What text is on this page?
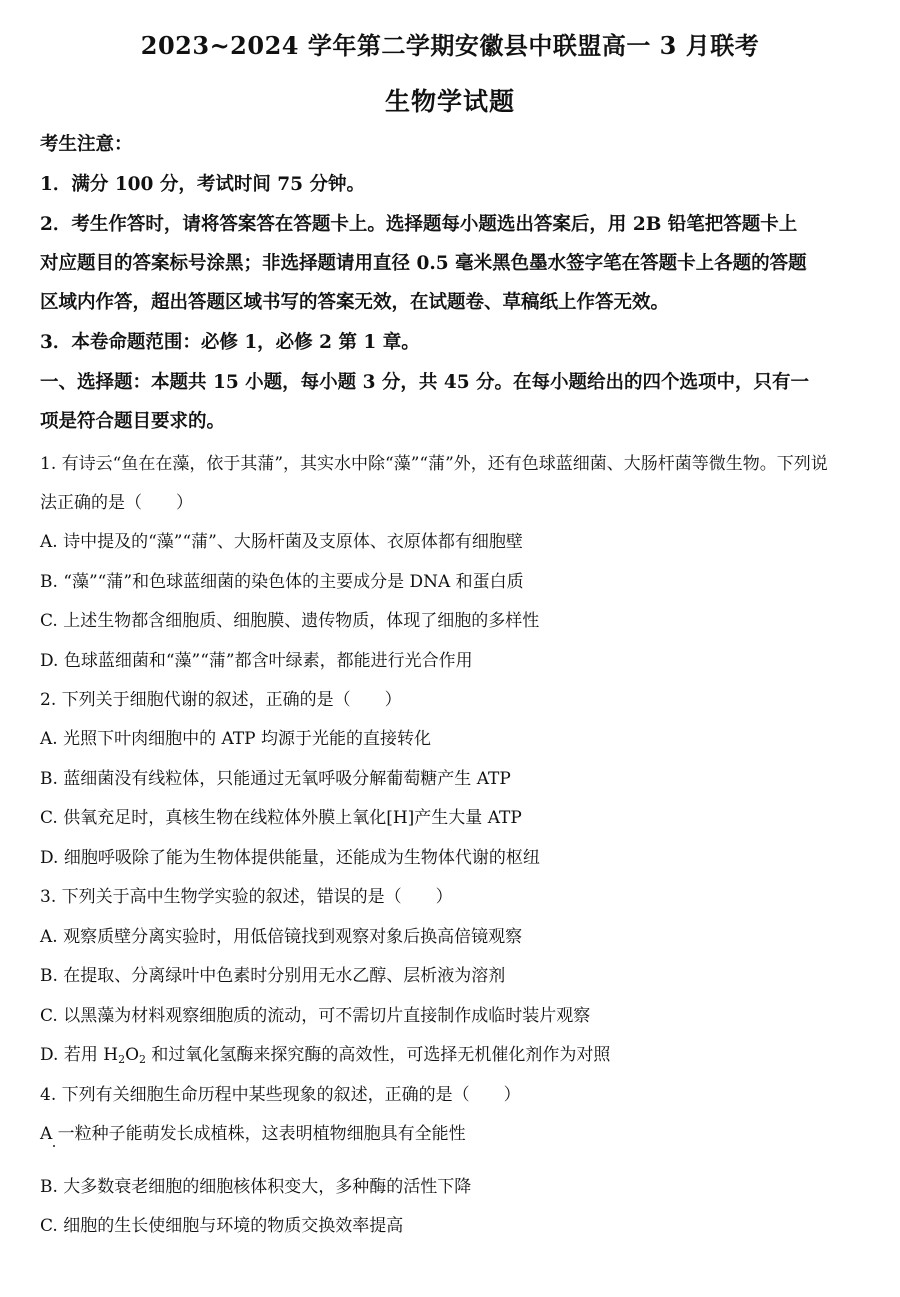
2023~2024 学年第二学期安徽县中联盟高一 3 月联考
生物学试题
考生注意：
1．满分 100 分，考试时间 75 分钟。
2．考生作答时，请将答案答在答题卡上。选择题每小题选出答案后，用 2B 铅笔把答题卡上
对应题目的答案标号涂黑；非选择题请用直径 0.5 毫米黑色墨水签字笔在答题卡上各题的答题
区域内作答，超出答题区域书写的答案无效，在试题卷、草稿纸上作答无效。
3．本卷命题范围：必修 1，必修 2 第 1 章。
一、选择题：本题共 15 小题，每小题 3 分，共 45 分。在每小题给出的四个选项中，只有一
项是符合题目要求的。
1. 有诗云“鱼在在藻，依于其蒲”，其实水中除“藻”“蒲”外，还有色球蓝细菌、大肠杆菌等微生物。下列说
法正确的是（　　）
A. 诗中提及的“藻”“蒲”、大肠杆菌及支原体、衣原体都有细胞壁
B. “藻”“蒲”和色球蓝细菌的染色体的主要成分是 DNA 和蛋白质
C. 上述生物都含细胞质、细胞膜、遗传物质，体现了细胞的多样性
D. 色球蓝细菌和“藻”“蒲”都含叶绿素，都能进行光合作用
2. 下列关于细胞代谢的叙述，正确的是（　　）
A. 光照下叶肉细胞中的 ATP 均源于光能的直接转化
B. 蓝细菌没有线粒体，只能通过无氧呼吸分解葡萄糖产生 ATP
C. 供氧充足时，真核生物在线粒体外膜上氧化[H]产生大量 ATP
D. 细胞呼吸除了能为生物体提供能量，还能成为生物体代谢的枢纽
3. 下列关于高中生物学实验的叙述，错误的是（　　）
A. 观察质壁分离实验时，用低倍镜找到观察对象后换高倍镜观察
B. 在提取、分离绿叶中色素时分别用无水乙醇、层析液为溶剂
C. 以黑藻为材料观察细胞质的流动，可不需切片直接制作成临时装片观察
D. 若用 $H_2O_2$ 和过氧化氢酶来探究酶的高效性，可选择无机催化剂作为对照
4. 下列有关细胞生命历程中某些现象的叙述，正确的是（　　）
A 一粒种子能萌发长成植株，这表明植物细胞具有全能性
B. 大多数衰老细胞的细胞核体积变大，多种酶的活性下降
C. 细胞的生长使细胞与环境的物质交换效率提高
